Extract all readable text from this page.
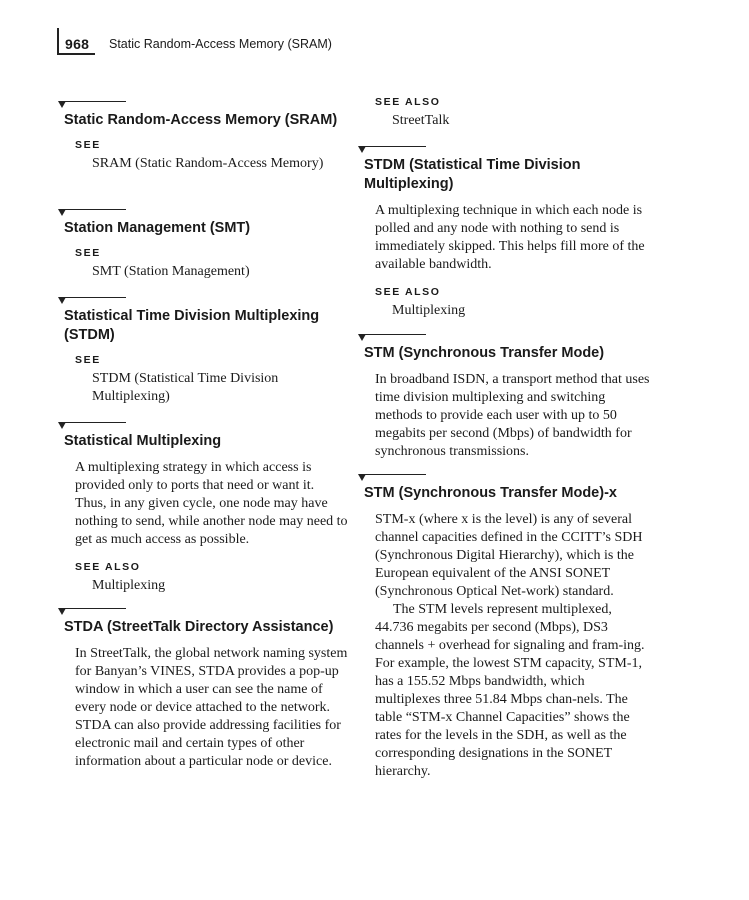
968 Static Random-Access Memory (SRAM)
Static Random-Access Memory (SRAM)
SEE
SRAM (Static Random-Access Memory)
Station Management (SMT)
SEE
SMT (Station Management)
Statistical Time Division Multiplexing (STDM)
SEE
STDM (Statistical Time Division Multiplexing)
Statistical Multiplexing
A multiplexing strategy in which access is provided only to ports that need or want it. Thus, in any given cycle, one node may have nothing to send, while another node may need to get as much access as possible.
SEE ALSO
Multiplexing
STDA (StreetTalk Directory Assistance)
In StreetTalk, the global network naming system for Banyan’s VINES, STDA provides a pop-up window in which a user can see the name of every node or device attached to the network. STDA can also provide addressing facilities for electronic mail and certain types of other information about a particular node or device.
SEE ALSO
StreetTalk
STDM (Statistical Time Division Multiplexing)
A multiplexing technique in which each node is polled and any node with nothing to send is immediately skipped. This helps fill more of the available bandwidth.
SEE ALSO
Multiplexing
STM (Synchronous Transfer Mode)
In broadband ISDN, a transport method that uses time division multiplexing and switching methods to provide each user with up to 50 megabits per second (Mbps) of bandwidth for synchronous transmissions.
STM (Synchronous Transfer Mode)-x
STM-x (where x is the level) is any of several channel capacities defined in the CCITT’s SDH (Synchronous Digital Hierarchy), which is the European equivalent of the ANSI SONET (Synchronous Optical Net-work) standard.
The STM levels represent multiplexed, 44.736 megabits per second (Mbps), DS3 channels + overhead for signaling and fram-ing. For example, the lowest STM capacity, STM-1, has a 155.52 Mbps bandwidth, which multiplexes three 51.84 Mbps chan-nels. The table “STM-x Channel Capacities” shows the rates for the levels in the SDH, as well as the corresponding designations in the SONET hierarchy.
